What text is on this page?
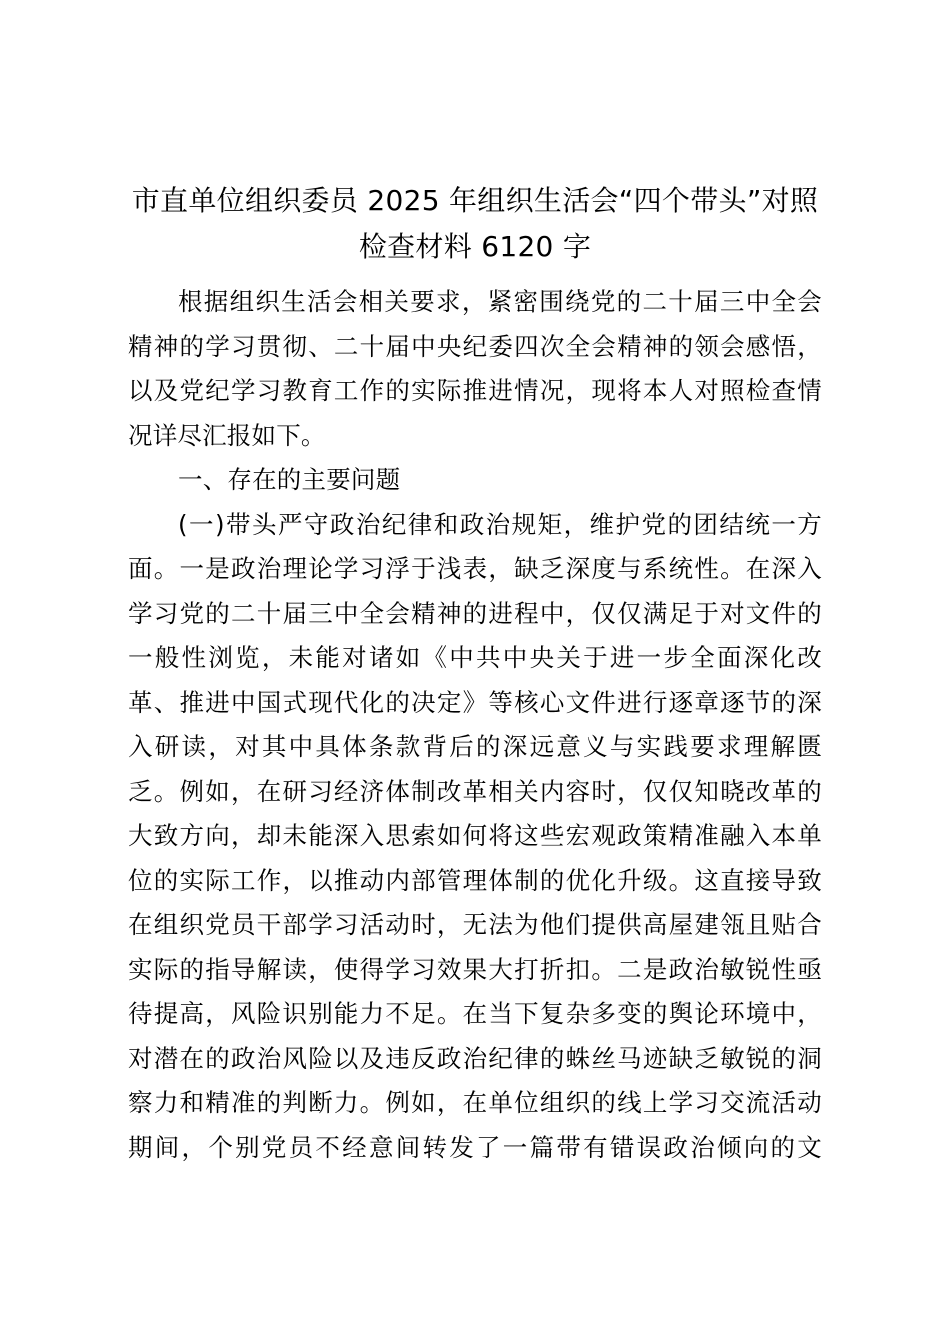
市直单位组织委员 2025 年组织生活会“四个带头”对照
检查材料 6120 字
根据组织生活会相关要求，紧密围绕党的二十届三中全会
精神的学习贯彻、二十届中央纪委四次全会精神的领会感悟，
以及党纪学习教育工作的实际推进情况，现将本人对照检查情
况详尽汇报如下。
一、存在的主要问题
(一)带头严守政治纪律和政治规矩，维护党的团结统一方
面。一是政治理论学习浮于浅表，缺乏深度与系统性。在深入
学习党的二十届三中全会精神的进程中，仅仅满足于对文件的
一般性浏览，未能对诸如《中共中央关于进一步全面深化改
革、推进中国式现代化的决定》等核心文件进行逐章逐节的深
入研读，对其中具体条款背后的深远意义与实践要求理解匮
乏。例如，在研习经济体制改革相关内容时，仅仅知晓改革的
大致方向，却未能深入思索如何将这些宏观政策精准融入本单
位的实际工作，以推动内部管理体制的优化升级。这直接导致
在组织党员干部学习活动时，无法为他们提供高屋建瓴且贴合
实际的指导解读，使得学习效果大打折扣。二是政治敏锐性亟
待提高，风险识别能力不足。在当下复杂多变的舆论环境中，
对潜在的政治风险以及违反政治纪律的蛛丝马迹缺乏敏锐的洞
察力和精准的判断力。例如，在单位组织的线上学习交流活动
期间，个别党员不经意间转发了一篇带有错误政治倾向的文
